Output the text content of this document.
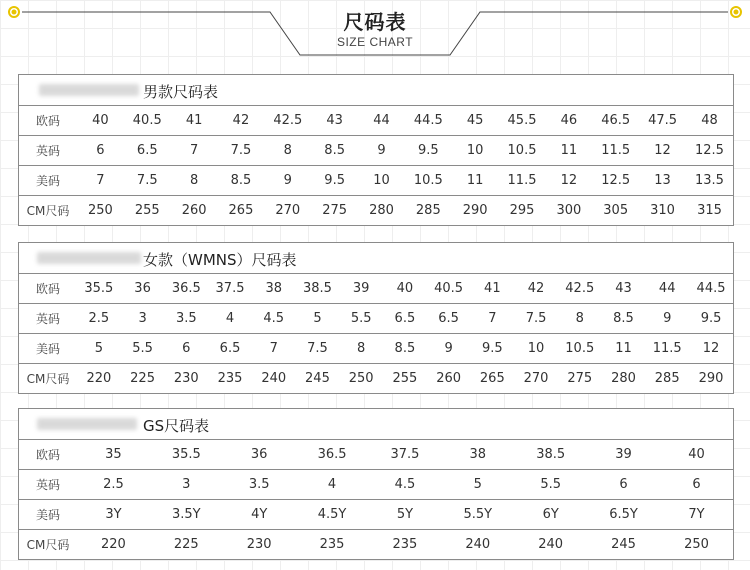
尺码表
SIZE CHART
男款尺码表
欧码	40	40.5	41	42	42.5	43	44	44.5	45	45.5	46	46.5	47.5	48
英码	6	6.5	7	7.5	8	8.5	9	9.5	10	10.5	11	11.5	12	12.5
美码	7	7.5	8	8.5	9	9.5	10	10.5	11	11.5	12	12.5	13	13.5
CM尺码	250	255	260	265	270	275	280	285	290	295	300	305	310	315
女款（WMNS）尺码表
欧码	35.5	36	36.5	37.5	38	38.5	39	40	40.5	41	42	42.5	43	44	44.5
英码	2.5	3	3.5	4	4.5	5	5.5	6.5	6.5	7	7.5	8	8.5	9	9.5
美码	5	5.5	6	6.5	7	7.5	8	8.5	9	9.5	10	10.5	11	11.5	12
CM尺码	220	225	230	235	240	245	250	255	260	265	270	275	280	285	290
GS尺码表
欧码	35	35.5	36	36.5	37.5	38	38.5	39	40
英码	2.5	3	3.5	4	4.5	5	5.5	6	6
美码	3Y	3.5Y	4Y	4.5Y	5Y	5.5Y	6Y	6.5Y	7Y
CM尺码	220	225	230	235	235	240	240	245	250
